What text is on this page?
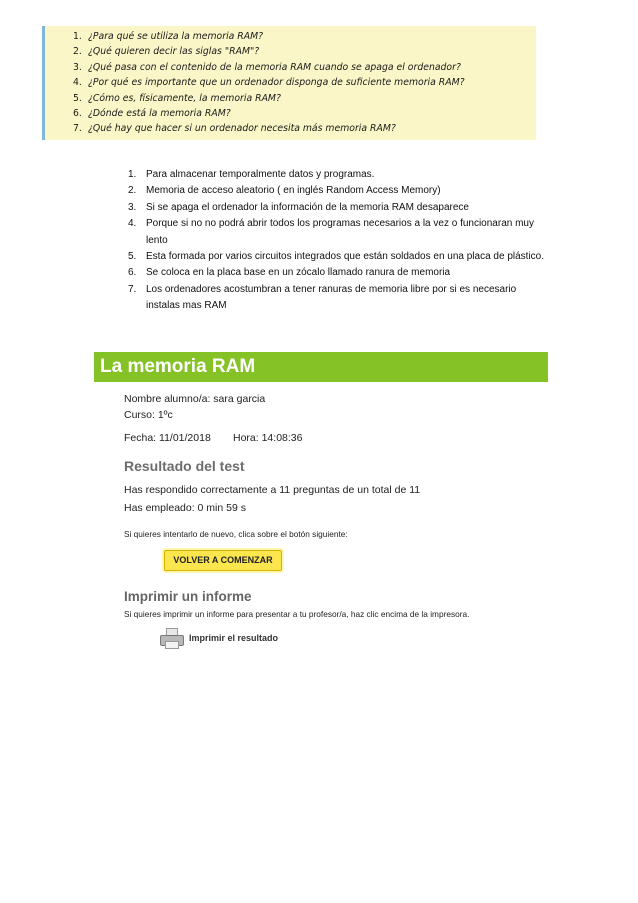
1. ¿Para qué se utiliza la memoria RAM?
2. ¿Qué quieren decir las siglas "RAM"?
3. ¿Qué pasa con el contenido de la memoria RAM cuando se apaga el ordenador?
4. ¿Por qué es importante que un ordenador disponga de suficiente memoria RAM?
5. ¿Cómo es, físicamente, la memoria RAM?
6. ¿Dónde está la memoria RAM?
7. ¿Qué hay que hacer si un ordenador necesita más memoria RAM?
1. Para almacenar temporalmente datos y programas.
2. Memoria de acceso aleatorio ( en inglés Random Access Memory)
3. Si se apaga el ordenador la información de la memoria RAM desaparece
4. Porque si no no podrá abrir todos los programas necesarios a la vez o funcionaran muy lento
5. Esta formada por varios circuitos integrados que están soldados en una placa de plástico.
6. Se coloca en la placa base en un zócalo llamado ranura de memoria
7. Los ordenadores acostumbran a tener ranuras de memoria libre por si es necesario instalas mas RAM
La memoria RAM
Nombre alumno/a: sara garcia
Curso: 1ºc
Fecha: 11/01/2018 Hora: 14:08:36
Resultado del test
Has respondido correctamente a 11 preguntas de un total de 11
Has empleado: 0 min 59 s
Si quieres intentarlo de nuevo, clica sobre el botón siguiente:
VOLVER A COMENZAR
Imprimir un informe
Si quieres imprimir un informe para presentar a tu profesor/a, haz clic encima de la impresora.
Imprimir el resultado
